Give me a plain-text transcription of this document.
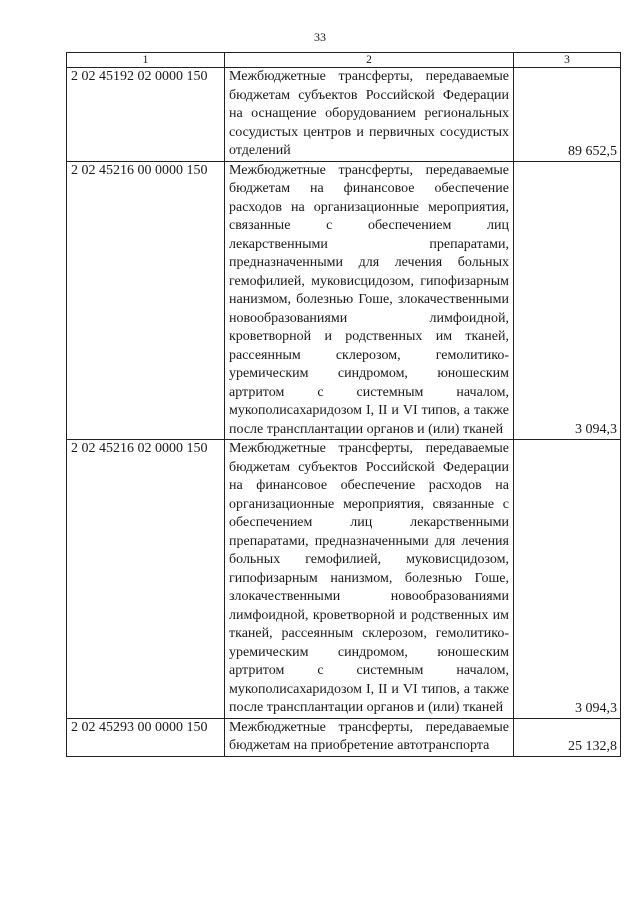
33
1	2	3
2 02 45192 02 0000 150	Межбюджетные трансферты, передаваемые бюджетам субъектов Российской Федерации на оснащение оборудованием региональных сосудистых центров и первичных сосудистых отделений	89 652,5
2 02 45216 00 0000 150	Межбюджетные трансферты, передаваемые бюджетам на финансовое обеспечение расходов на организационные мероприятия, связанные с обеспечением лиц лекарственными препаратами, предназначенными для лечения больных гемофилией, муковисцидозом, гипофизарным нанизмом, болезнью Гоше, злокачественными новообразованиями лимфоидной, кроветворной и родственных им тканей, рассеянным склерозом, гемолитико-уремическим синдромом, юношеским артритом с системным началом, мукополисахаридозом I, II и VI типов, а также после трансплантации органов и (или) тканей	3 094,3
2 02 45216 02 0000 150	Межбюджетные трансферты, передаваемые бюджетам субъектов Российской Федерации на финансовое обеспечение расходов на организационные мероприятия, связанные с обеспечением лиц лекарственными препаратами, предназначенными для лечения больных гемофилией, муковисцидозом, гипофизарным нанизмом, болезнью Гоше, злокачественными новообразованиями лимфоидной, кроветворной и родственных им тканей, рассеянным склерозом, гемолитико-уремическим синдромом, юношеским артритом с системным началом, мукополисахаридозом I, II и VI типов, а также после трансплантации органов и (или) тканей	3 094,3
2 02 45293 00 0000 150	Межбюджетные трансферты, передаваемые бюджетам на приобретение автотранспорта	25 132,8
